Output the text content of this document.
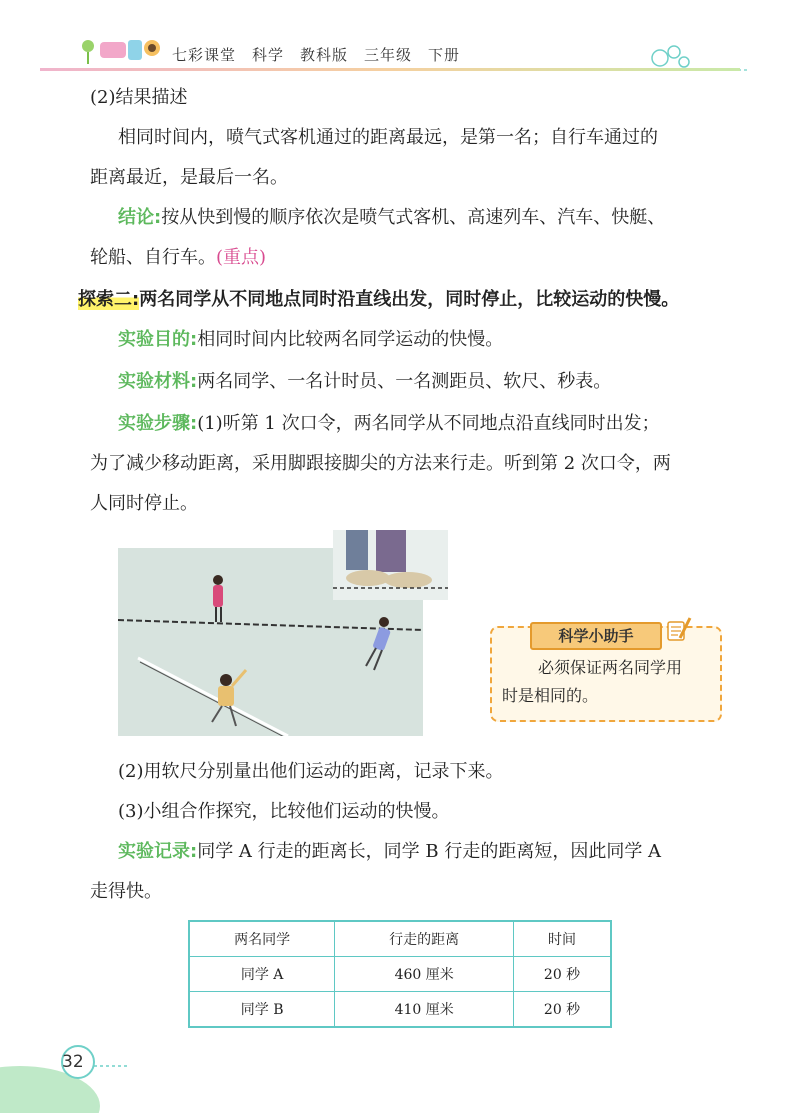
七彩课堂　科学　教科版　三年级　下册
(2)结果描述
相同时间内，喷气式客机通过的距离最远，是第一名；自行车通过的
距离最近，是最后一名。
结论:按从快到慢的顺序依次是喷气式客机、高速列车、汽车、快艇、
轮船、自行车。(重点)
探索二:两名同学从不同地点同时沿直线出发，同时停止，比较运动的快慢。
实验目的:相同时间内比较两名同学运动的快慢。
实验材料:两名同学、一名计时员、一名测距员、软尺、秒表。
实验步骤:(1)听第 1 次口令，两名同学从不同地点沿直线同时出发；
为了减少移动距离，采用脚跟接脚尖的方法来行走。听到第 2 次口令，两
人同时停止。
科学小助手
必须保证两名同学用
时是相同的。
(2)用软尺分别量出他们运动的距离，记录下来。
(3)小组合作探究，比较他们运动的快慢。
实验记录:同学 A 行走的距离长，同学 B 行走的距离短，因此同学 A
走得快。
两名同学	行走的距离	时间
同学 A	460 厘米	20 秒
同学 B	410 厘米	20 秒
32
